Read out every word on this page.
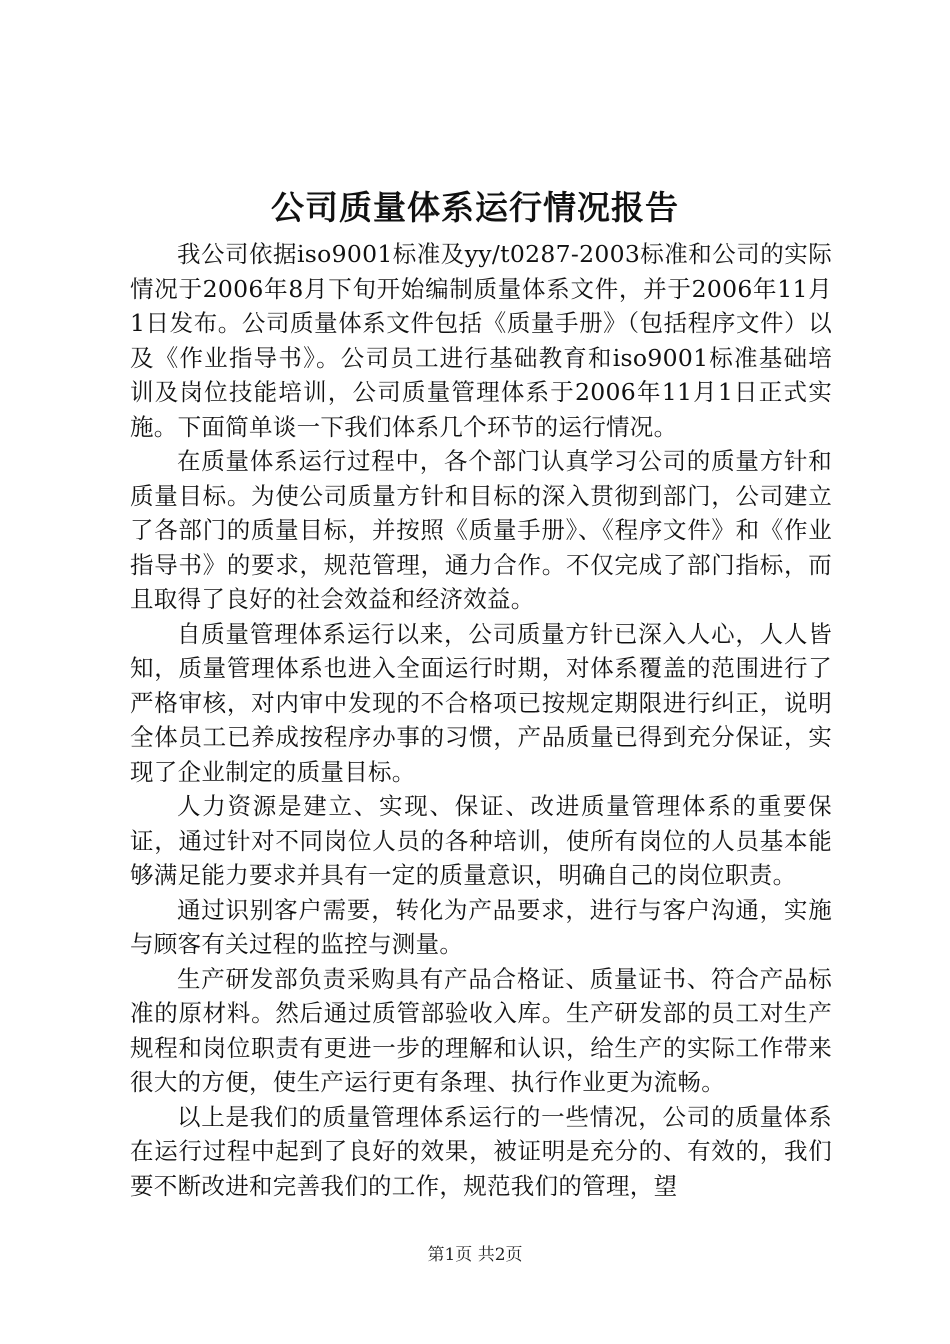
公司质量体系运行情况报告

我公司依据iso9001标准及yy/t0287-2003标准和公司的实际情况于2006年8月下旬开始编制质量体系文件，并于2006年11月1日发布。公司质量体系文件包括《质量手册》（包括程序文件）以及《作业指导书》。公司员工进行基础教育和iso9001标准基础培训及岗位技能培训，公司质量管理体系于2006年11月1日正式实施。下面简单谈一下我们体系几个环节的运行情况。

在质量体系运行过程中，各个部门认真学习公司的质量方针和质量目标。为使公司质量方针和目标的深入贯彻到部门，公司建立了各部门的质量目标，并按照《质量手册》、《程序文件》和《作业指导书》的要求，规范管理，通力合作。不仅完成了部门指标，而且取得了良好的社会效益和经济效益。

自质量管理体系运行以来，公司质量方针已深入人心，人人皆知，质量管理体系也进入全面运行时期，对体系覆盖的范围进行了严格审核，对内审中发现的不合格项已按规定期限进行纠正，说明全体员工已养成按程序办事的习惯，产品质量已得到充分保证，实现了企业制定的质量目标。

人力资源是建立、实现、保证、改进质量管理体系的重要保证，通过针对不同岗位人员的各种培训，使所有岗位的人员基本能够满足能力要求并具有一定的质量意识，明确自己的岗位职责。

通过识别客户需要，转化为产品要求，进行与客户沟通，实施与顾客有关过程的监控与测量。

生产研发部负责采购具有产品合格证、质量证书、符合产品标准的原材料。然后通过质管部验收入库。生产研发部的员工对生产规程和岗位职责有更进一步的理解和认识，给生产的实际工作带来很大的方便，使生产运行更有条理、执行作业更为流畅。

以上是我们的质量管理体系运行的一些情况，公司的质量体系在运行过程中起到了良好的效果，被证明是充分的、有效的，我们要不断改进和完善我们的工作，规范我们的管理，望

第1页 共2页
